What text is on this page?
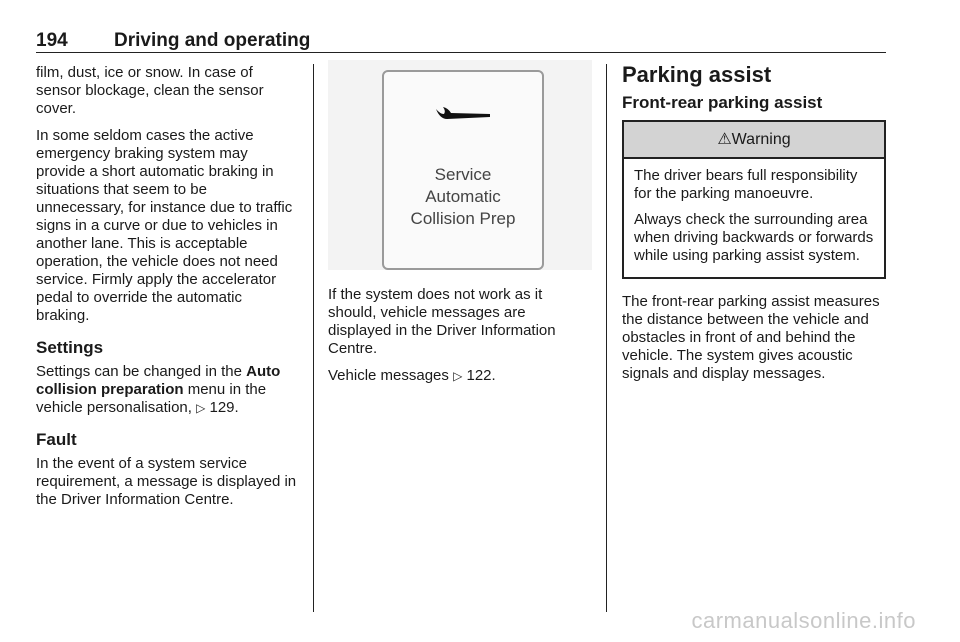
194 Driving and operating

film, dust, ice or snow. In case of sensor blockage, clean the sensor cover.

In some seldom cases the active emergency braking system may provide a short automatic braking in situations that seem to be unnecessary, for instance due to traffic signs in a curve or due to vehicles in another lane. This is acceptable operation, the vehicle does not need service. Firmly apply the accelerator pedal to override the automatic braking.

Settings

Settings can be changed in the Auto collision preparation menu in the vehicle personalisation, ▷ 129.

Fault

In the event of a system service requirement, a message is displayed in the Driver Information Centre.

Service
Automatic
Collision Prep

If the system does not work as it should, vehicle messages are displayed in the Driver Information Centre.

Vehicle messages ▷ 122.

Parking assist
Front-rear parking assist
⚠Warning

The driver bears full responsibility for the parking manoeuvre.

Always check the surrounding area when driving backwards or forwards while using parking assist system.

The front-rear parking assist measures the distance between the vehicle and obstacles in front of and behind the vehicle. The system gives acoustic signals and display messages.

carmanualsonline.info
